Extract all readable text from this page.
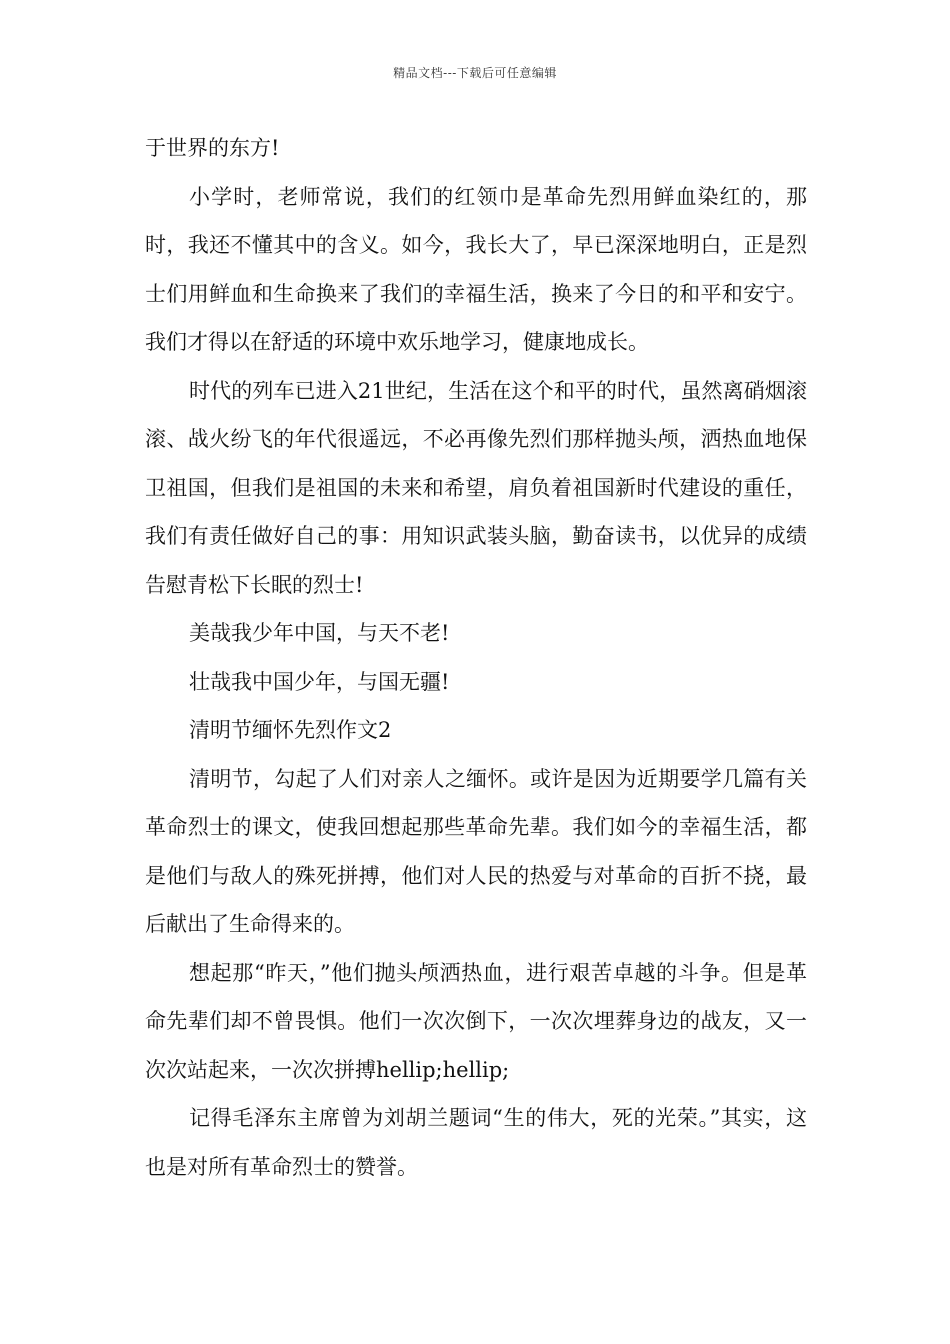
精品文档---下载后可任意编辑

于世界的东方!

小学时，老师常说，我们的红领巾是革命先烈用鲜血染红的，那时，我还不懂其中的含义。如今，我长大了，早已深深地明白，正是烈士们用鲜血和生命换来了我们的幸福生活，换来了今日的和平和安宁。我们才得以在舒适的环境中欢乐地学习，健康地成长。

时代的列车已进入21世纪，生活在这个和平的时代，虽然离硝烟滚滚、战火纷飞的年代很遥远，不必再像先烈们那样抛头颅，洒热血地保卫祖国，但我们是祖国的未来和希望，肩负着祖国新时代建设的重任，我们有责任做好自己的事：用知识武装头脑，勤奋读书，以优异的成绩告慰青松下长眠的烈士!

美哉我少年中国，与天不老!

壮哉我中国少年，与国无疆!

清明节缅怀先烈作文2

清明节，勾起了人们对亲人之缅怀。或许是因为近期要学几篇有关革命烈士的课文，使我回想起那些革命先辈。我们如今的幸福生活，都是他们与敌人的殊死拼搏，他们对人民的热爱与对革命的百折不挠，最后献出了生命得来的。

想起那“昨天，”他们抛头颅洒热血，进行艰苦卓越的斗争。但是革命先辈们却不曾畏惧。他们一次次倒下，一次次埋葬身边的战友，又一次次站起来，一次次拼搏hellip;hellip;

记得毛泽东主席曾为刘胡兰题词“生的伟大，死的光荣。”其实，这也是对所有革命烈士的赞誉。
